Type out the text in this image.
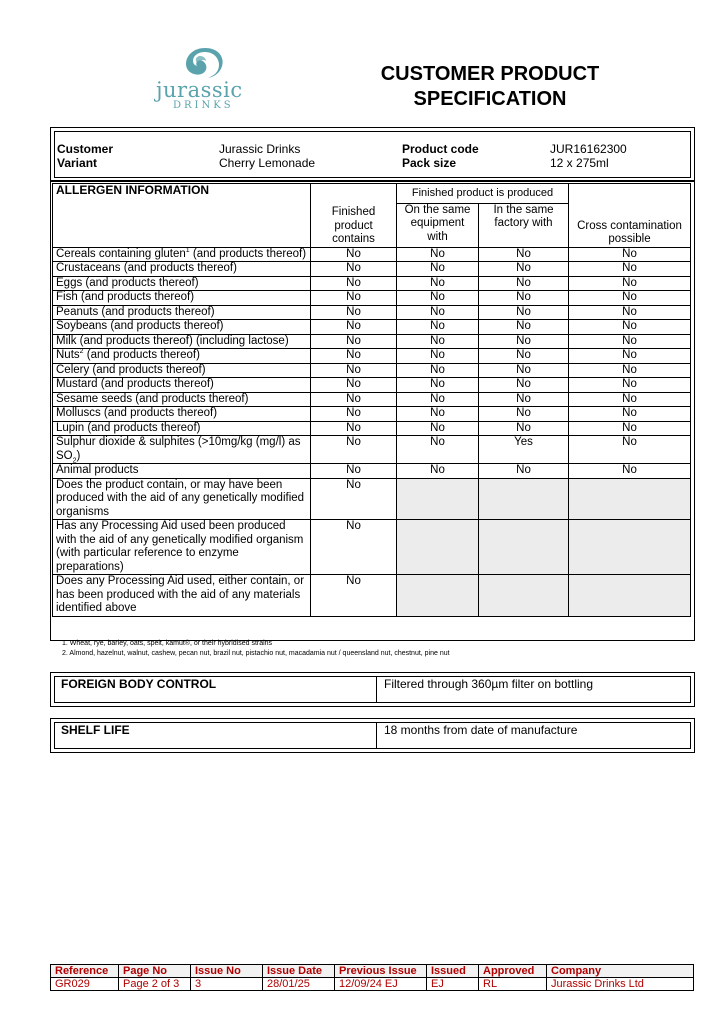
jurassic
DRINKS
CUSTOMER PRODUCT
SPECIFICATION
Customer	Jurassic Drinks	Product code	JUR16162300
Variant	Cherry Lemonade	Pack size	12 x 275ml
ALLERGEN INFORMATION	Finished product contains	Finished product is produced		Cross contamination possible
		On the same equipment with	In the same factory with	
Cereals containing gluten$^1$ (and products thereof)	No	No	No	No
Crustaceans (and products thereof)	No	No	No	No
Eggs (and products thereof)	No	No	No	No
Fish (and products thereof)	No	No	No	No
Peanuts (and products thereof)	No	No	No	No
Soybeans (and products thereof)	No	No	No	No
Milk (and products thereof) (including lactose)	No	No	No	No
Nuts$^2$ (and products thereof)	No	No	No	No
Celery (and products thereof)	No	No	No	No
Mustard (and products thereof)	No	No	No	No
Sesame seeds (and products thereof)	No	No	No	No
Molluscs (and products thereof)	No	No	No	No
Lupin (and products thereof)	No	No	No	No
Sulphur dioxide & sulphites (>10mg/kg (mg/l) as $SO_2$)	No	No	Yes	No
Animal products	No	No	No	No
Does the product contain, or may have been produced with the aid of any genetically modified organisms	No			
Has any Processing Aid used been produced with the aid of any genetically modified organism (with particular reference to enzyme preparations)	No			
Does any Processing Aid used, either contain, or has been produced with the aid of any materials identified above	No			
1. Wheat, rye, barley, oats, spelt, kamut®, or their hybridised strains
2. Almond, hazelnut, walnut, cashew, pecan nut, brazil nut, pistachio nut, macadamia nut / queensland nut, chestnut, pine nut
FOREIGN BODY CONTROL	Filtered through 360µm filter on bottling
SHELF LIFE	18 months from date of manufacture
Reference	Page No	Issue No	Issue Date	Previous Issue	Issued	Approved	Company
GR029	Page 2 of 3	3	28/01/25	12/09/24 EJ	EJ	RL	Jurassic Drinks Ltd
